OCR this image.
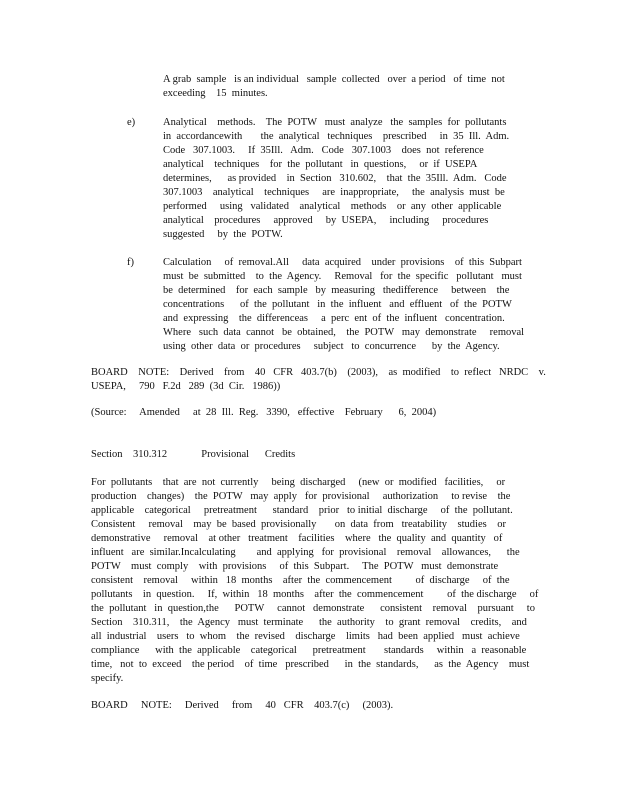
A grab  sample   is an individual   sample  collected   over  a period   of  time  not
exceeding    15  minutes.
e)	Analytical    methods.    The  POTW   must  analyze   the  samples  for  pollutants
in  accordancewith       the  analytical   techniques    prescribed     in  35  Ill.  Adm.
Code   307.1003.     If  35Ill.   Adm.   Code   307.1003    does  not  reference
analytical    techniques    for  the  pollutant   in  questions,     or  if  USEPA
determines,      as provided    in  Section   310.602,    that  the  35Ill.  Adm.   Code
307.1003    analytical    techniques     are  inappropriate,     the  analysis  must  be
performed     using   validated    analytical    methods    or  any  other  applicable
analytical    procedures     approved     by  USEPA,     including     procedures
suggested     by  the  POTW.
f)	Calculation     of  removal.All     data  acquired    under  provisions    of  this  Subpart
must  be  submitted    to  the  Agency.     Removal   for  the  specific   pollutant   must
be  determined    for  each  sample   by  measuring   thedifference     between    the
concentrations      of  the  pollutant   in  the  influent   and  effluent   of  the  POTW
and  expressing    the  differenceas     a  perc  ent  of  the  influent   concentration.
Where   such  data  cannot   be  obtained,    the  POTW   may  demonstrate     removal
using  other  data  or  procedures     subject   to  concurrence      by  the  Agency.
BOARD    NOTE:    Derived    from    40   CFR   403.7(b)    (2003),    as  modified    to  reflect   NRDC    v.
USEPA,     790   F.2d   289  (3d  Cir.   1986))
(Source:     Amended     at  28  Ill.  Reg.   3390,   effective    February      6,  2004)
Section    310.312             Provisional      Credits
For  pollutants    that  are  not  currently     being  discharged     (new  or  modified   facilities,     or
production    changes)    the  POTW   may  apply   for  provisional     authorization     to revise    the
applicable    categorical     pretreatment      standard    prior   to initial  discharge     of  the  pollutant.
Consistent     removal    may  be  based  provisionally       on  data  from   treatability    studies    or
demonstrative     removal    at other   treatment    facilities    where   the  quality  and  quantity   of
influent   are  similar.Incalculating        and  applying   for  provisional    removal    allowances,      the
POTW    must  comply    with  provisions     of  this  Subpart.     The  POTW   must  demonstrate
consistent    removal     within   18  months    after  the  commencement         of  discharge     of  the
pollutants    in  question.     If,  within   18  months    after  the  commencement         of  the discharge     of
the  pollutant   in  question,the      POTW     cannot   demonstrate      consistent    removal    pursuant     to
Section    310.311,    the  Agency   must  terminate      the  authority    to  grant  removal    credits,    and
all  industrial    users   to  whom    the  revised    discharge    limits   had  been  applied   must  achieve
compliance      with  the  applicable    categorical      pretreatment       standards     within   a  reasonable
time,   not  to  exceed    the period    of  time   prescribed      in  the  standards,      as  the  Agency    must
specify.
BOARD     NOTE:     Derived     from     40   CFR    403.7(c)     (2003).
